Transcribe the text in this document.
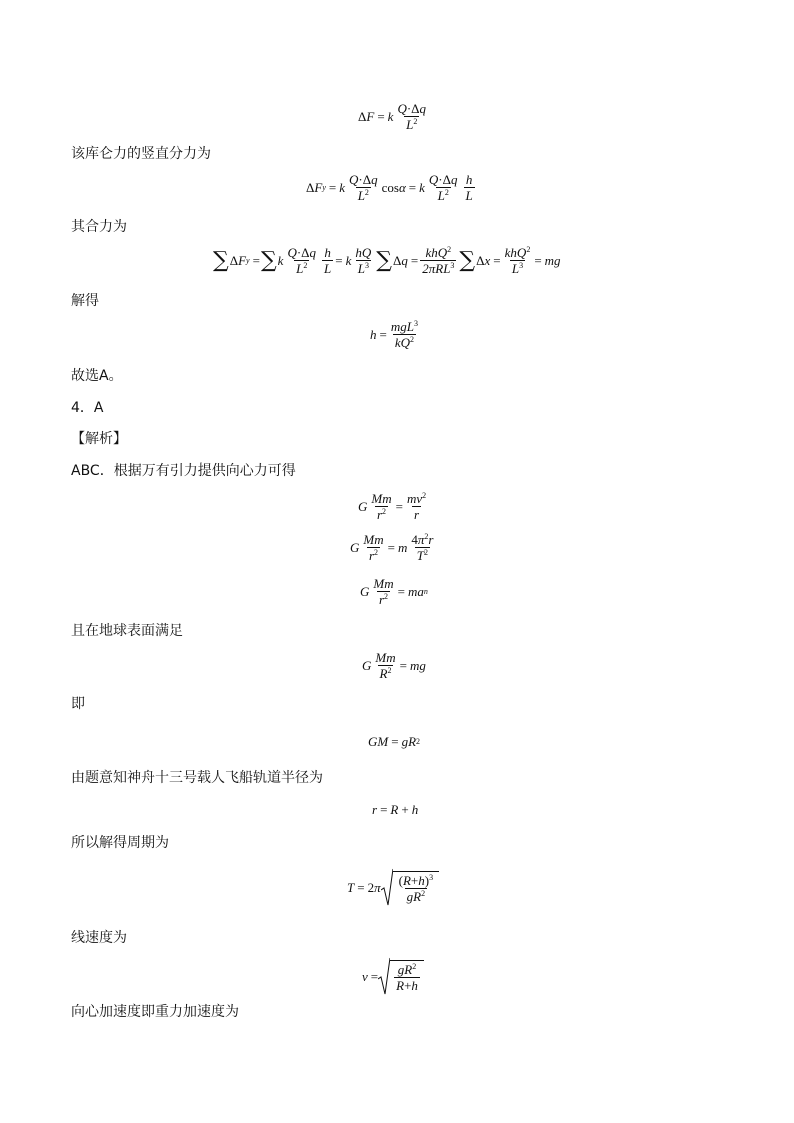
Δ F = k $\frac{Q\cdot\Delta q}{L^2}$
该库仑力的竖直分力为
Δ F y = k $\frac{Q\cdot\Delta q}{L^2}$ cos α = k $\frac{Q\cdot\Delta q}{L^2} \frac{h}{L}$
其合力为
∑ Δ F y = ∑ k $\frac{Q\cdot\Delta q}{L^2} \frac{h}{L} = k \frac{hQ}{L^3}$ ∑ Δ $q = \frac{khQ^2}{2\pi RL^3}$ ∑ Δ $x = \frac{khQ^2}{L^3}$ = mg
解得
$h = \frac{mgL^3}{kQ^2}$
故选A。
4．A
【解析】
ABC．根据万有引力提供向心力可得
G $\frac{Mm}{r^2} = \frac{mv^2}{r}$
G $\frac{Mm}{r^2} = m \frac{4\pi^2r}{T^2}$
G $\frac{Mm}{r^2}$ = ma n
且在地球表面满足
G $\frac{Mm}{R^2}$ = mg
即
GM = gR 2
由题意知神舟十三号载人飞船轨道半径为
r = R + h
所以解得周期为
T = 2 π $\frac{(R+h)^3}{gR^2}$
线速度为
$v = \frac{gR^2}{R+h}$
向心加速度即重力加速度为
